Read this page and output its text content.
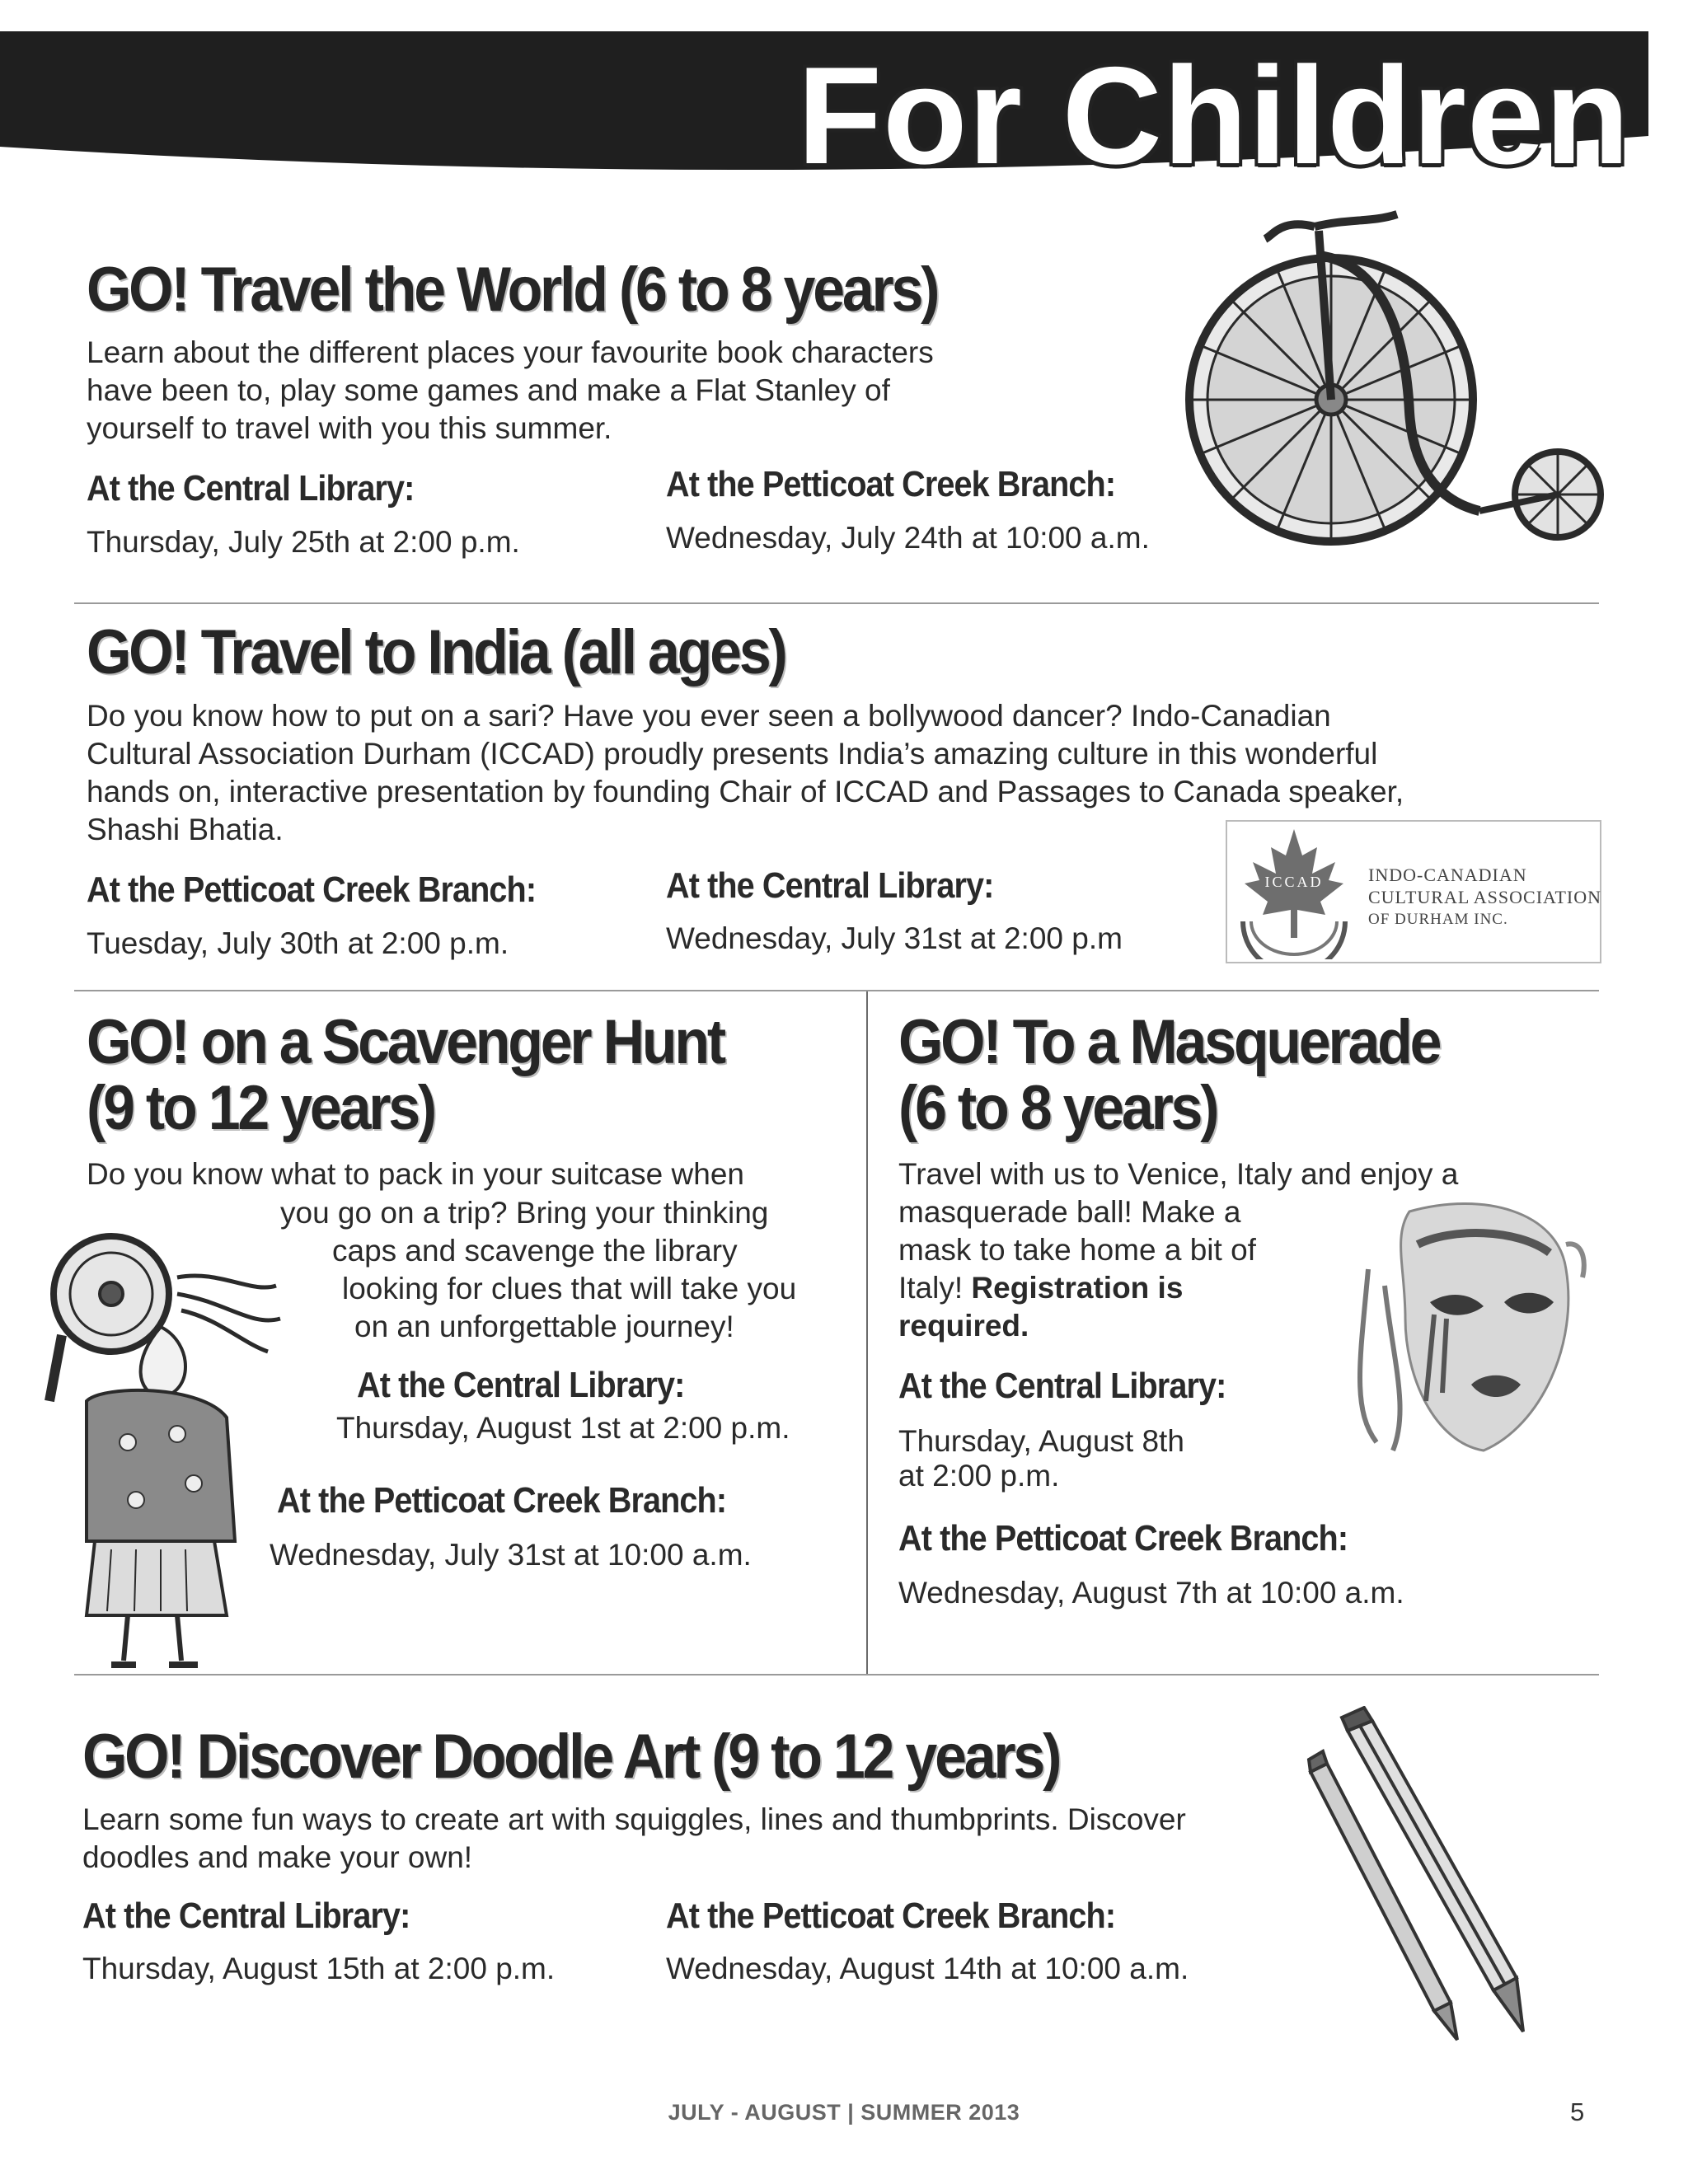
For Children
GO! Travel the World (6 to 8 years)
Learn about the different places your favourite book characters
have been to, play some games and make a Flat Stanley of
yourself to travel with you this summer.
At the Central Library:
Thursday, July 25th at 2:00 p.m.
At the Petticoat Creek Branch:
Wednesday, July 24th at 10:00 a.m.
GO! Travel to India (all ages)
Do you know how to put on a sari? Have you ever seen a bollywood dancer? Indo-Canadian
Cultural Association Durham (ICCAD) proudly presents India’s amazing culture in this wonderful
hands on, interactive presentation by founding Chair of ICCAD and Passages to Canada speaker,
Shashi Bhatia.
At the Petticoat Creek Branch:
Tuesday, July 30th at 2:00 p.m.
At the Central Library:
Wednesday, July 31st at 2:00 p.m
ICCAD INDO-CANADIAN
CULTURAL ASSOCIATION
OF DURHAM INC.
GO! on a Scavenger Hunt
(9 to 12 years)
Do you know what to pack in your suitcase when
you go on a trip? Bring your thinking
caps and scavenge the library
looking for clues that will take you
on an unforgettable journey!
At the Central Library:
Thursday, August 1st at 2:00 p.m.
At the Petticoat Creek Branch:
Wednesday, July 31st at 10:00 a.m.
GO! To a Masquerade
(6 to 8 years)
Travel with us to Venice, Italy and enjoy a
masquerade ball! Make a
mask to take home a bit of
Italy! Registration is
required.
At the Central Library:
Thursday, August 8th
at 2:00 p.m.
At the Petticoat Creek Branch:
Wednesday, August 7th at 10:00 a.m.
GO! Discover Doodle Art (9 to 12 years)
Learn some fun ways to create art with squiggles, lines and thumbprints. Discover
doodles and make your own!
At the Central Library:
Thursday, August 15th at 2:00 p.m.
At the Petticoat Creek Branch:
Wednesday, August 14th at 10:00 a.m.
JULY - AUGUST | SUMMER 2013	5
